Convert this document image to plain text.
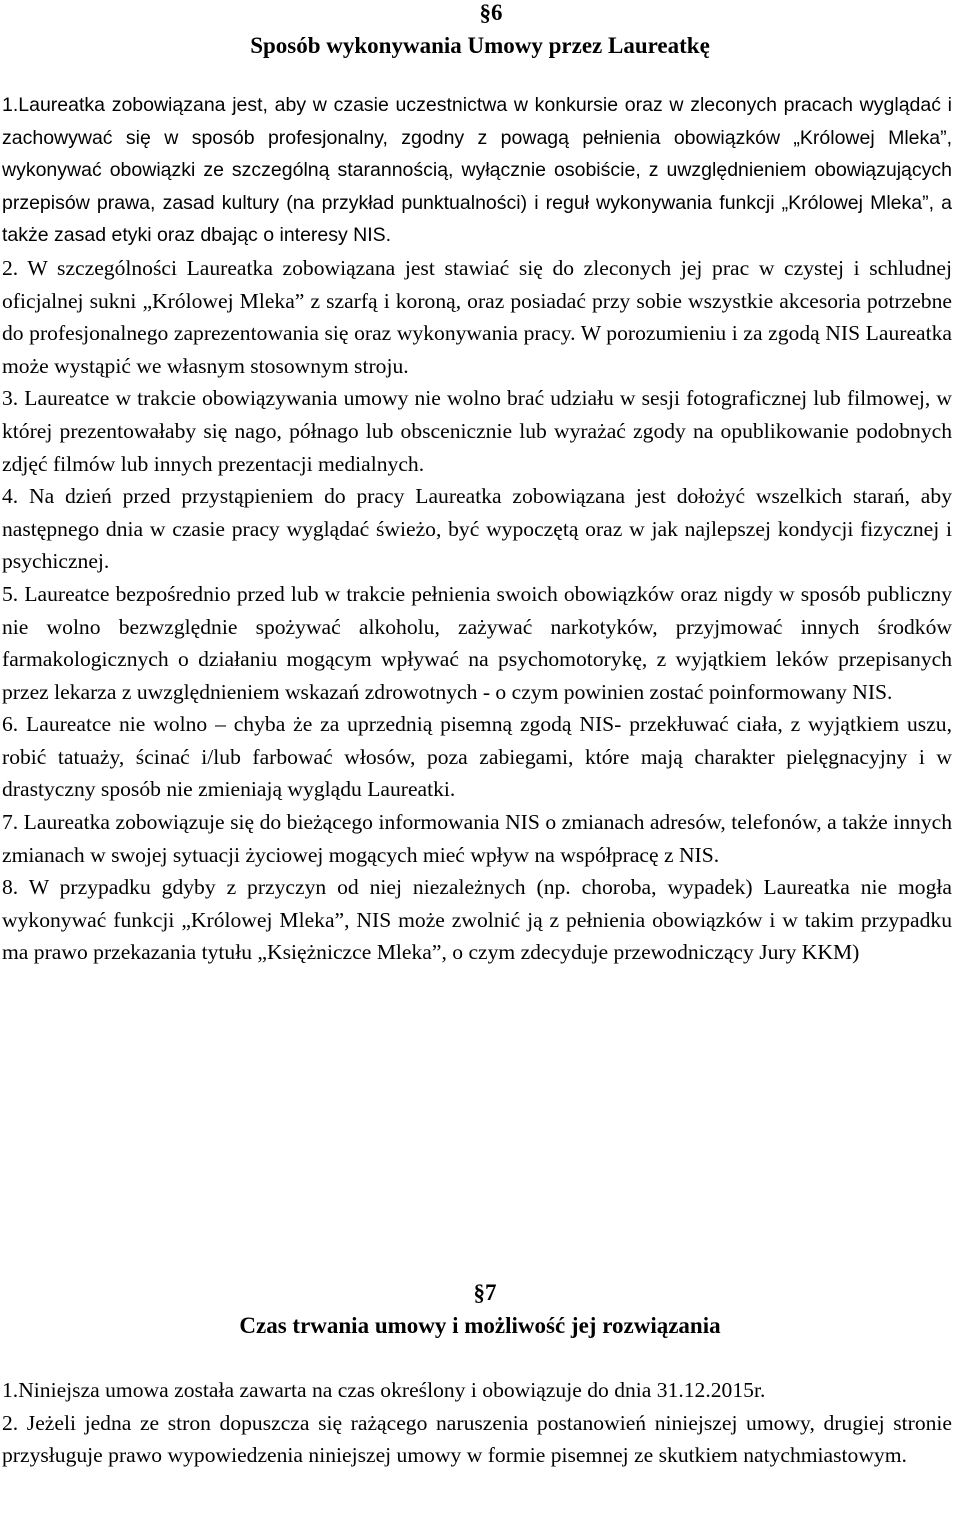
§6

Sposób wykonywania Umowy przez Laureatkę

1.Laureatka zobowiązana jest, aby w czasie uczestnictwa w konkursie oraz w zleconych pracach wyglądać i zachowywać się w sposób profesjonalny, zgodny z powagą pełnienia obowiązków „Królowej Mleka”, wykonywać obowiązki ze szczególną starannością, wyłącznie osobiście, z uwzględnieniem obowiązujących przepisów prawa, zasad kultury (na przykład punktualności) i reguł wykonywania funkcji „Królowej Mleka”, a także zasad etyki oraz dbając o interesy NIS.

2. W szczególności Laureatka zobowiązana jest stawiać się do zleconych jej prac w czystej i schludnej oficjalnej sukni „Królowej Mleka” z szarfą i koroną, oraz posiadać przy sobie wszystkie akcesoria potrzebne do profesjonalnego zaprezentowania się oraz wykonywania pracy. W porozumieniu i za zgodą NIS Laureatka może wystąpić we własnym stosownym stroju.

3. Laureatce w trakcie obowiązywania umowy nie wolno brać udziału w sesji fotograficznej lub filmowej, w której prezentowałaby się nago, półnago lub obscenicznie lub wyrażać zgody na opublikowanie podobnych zdjęć filmów lub innych prezentacji medialnych.

4. Na dzień przed przystąpieniem do pracy Laureatka zobowiązana jest dołożyć wszelkich starań, aby następnego dnia w czasie pracy wyglądać świeżo, być wypoczętą oraz w jak najlepszej kondycji fizycznej i psychicznej.

5. Laureatce bezpośrednio przed lub w trakcie pełnienia swoich obowiązków oraz nigdy w sposób publiczny nie wolno bezwzględnie spożywać alkoholu, zażywać narkotyków, przyjmować innych środków farmakologicznych o działaniu mogącym wpływać na psychomotorykę, z wyjątkiem leków przepisanych przez lekarza z uwzględnieniem wskazań zdrowotnych - o czym powinien zostać poinformowany NIS.

6. Laureatce nie wolno – chyba że za uprzednią pisemną zgodą NIS- przekłuwać ciała, z wyjątkiem uszu, robić tatuaży, ścinać i/lub farbować włosów, poza zabiegami, które mają charakter pielęgnacyjny i w drastyczny sposób nie zmieniają wyglądu Laureatki.

7. Laureatka zobowiązuje się do bieżącego informowania NIS o zmianach adresów, telefonów, a także innych zmianach w swojej sytuacji życiowej mogących mieć wpływ na współpracę z NIS.

8. W przypadku gdyby z przyczyn od niej niezależnych (np. choroba, wypadek) Laureatka nie mogła wykonywać funkcji „Królowej Mleka”, NIS może zwolnić ją z pełnienia obowiązków i w takim przypadku ma prawo przekazania tytułu „Księżniczce Mleka”, o czym zdecyduje przewodniczący Jury KKM)

§7

Czas trwania umowy i możliwość jej rozwiązania

1.Niniejsza umowa została zawarta na czas określony i obowiązuje do dnia 31.12.2015r.

2. Jeżeli jedna ze stron dopuszcza się rażącego naruszenia postanowień niniejszej umowy, drugiej stronie przysługuje prawo wypowiedzenia niniejszej umowy w formie pisemnej ze skutkiem natychmiastowym.
